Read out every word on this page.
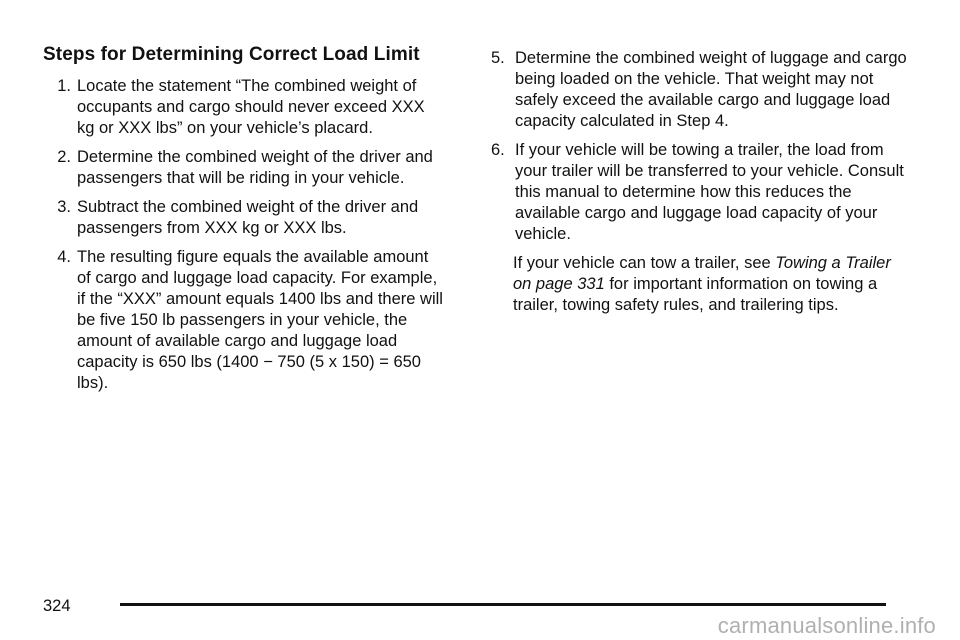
Steps for Determining Correct Load Limit
1. Locate the statement “The combined weight of occupants and cargo should never exceed XXX kg or XXX lbs” on your vehicle’s placard.
2. Determine the combined weight of the driver and passengers that will be riding in your vehicle.
3. Subtract the combined weight of the driver and passengers from XXX kg or XXX lbs.
4. The resulting figure equals the available amount of cargo and luggage load capacity. For example, if the “XXX” amount equals 1400 lbs and there will be five 150 lb passengers in your vehicle, the amount of available cargo and luggage load capacity is 650 lbs (1400 − 750 (5 x 150) = 650 lbs).
5. Determine the combined weight of luggage and cargo being loaded on the vehicle. That weight may not safely exceed the available cargo and luggage load capacity calculated in Step 4.
6. If your vehicle will be towing a trailer, the load from your trailer will be transferred to your vehicle. Consult this manual to determine how this reduces the available cargo and luggage load capacity of your vehicle.

If your vehicle can tow a trailer, see Towing a Trailer on page 331 for important information on towing a trailer, towing safety rules, and trailering tips.

324
carmanualsonline.info
